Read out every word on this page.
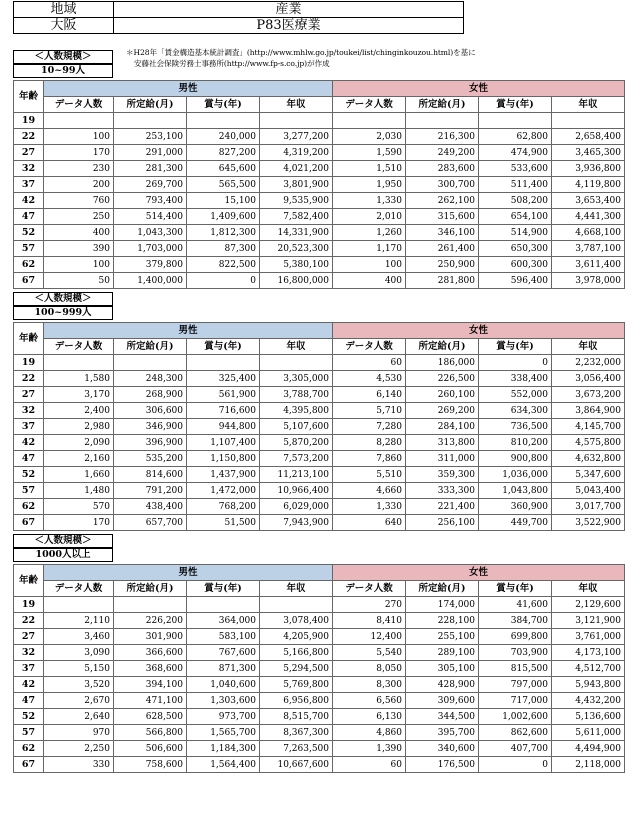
地域	産業
大阪	P83医療業
＊H28年「賃金構造基本統計調査」(http://www.mhlw.go.jp/toukei/list/chinginkouzou.html)を基に
安藤社会保険労務士事務所(http://www.fp-s.co.jp)が作成
＜人数規模＞
10~99人
年齢	男性				女性			
	データ人数	所定給(月)	賞与(年)	年収	データ人数	所定給(月)	賞与(年)	年収
19								
22	100	253,100	240,000	3,277,200	2,030	216,300	62,800	2,658,400
27	170	291,000	827,200	4,319,200	1,590	249,200	474,900	3,465,300
32	230	281,300	645,600	4,021,200	1,510	283,600	533,600	3,936,800
37	200	269,700	565,500	3,801,900	1,950	300,700	511,400	4,119,800
42	760	793,400	15,100	9,535,900	1,330	262,100	508,200	3,653,400
47	250	514,400	1,409,600	7,582,400	2,010	315,600	654,100	4,441,300
52	400	1,043,300	1,812,300	14,331,900	1,260	346,100	514,900	4,668,100
57	390	1,703,000	87,300	20,523,300	1,170	261,400	650,300	3,787,100
62	100	379,800	822,500	5,380,100	100	250,900	600,300	3,611,400
67	50	1,400,000	0	16,800,000	400	281,800	596,400	3,978,000
＜人数規模＞
100~999人
年齢	男性				女性			
	データ人数	所定給(月)	賞与(年)	年収	データ人数	所定給(月)	賞与(年)	年収
19					60	186,000	0	2,232,000
22	1,580	248,300	325,400	3,305,000	4,530	226,500	338,400	3,056,400
27	3,170	268,900	561,900	3,788,700	6,140	260,100	552,000	3,673,200
32	2,400	306,600	716,600	4,395,800	5,710	269,200	634,300	3,864,900
37	2,980	346,900	944,800	5,107,600	7,280	284,100	736,500	4,145,700
42	2,090	396,900	1,107,400	5,870,200	8,280	313,800	810,200	4,575,800
47	2,160	535,200	1,150,800	7,573,200	7,860	311,000	900,800	4,632,800
52	1,660	814,600	1,437,900	11,213,100	5,510	359,300	1,036,000	5,347,600
57	1,480	791,200	1,472,000	10,966,400	4,660	333,300	1,043,800	5,043,400
62	570	438,400	768,200	6,029,000	1,330	221,400	360,900	3,017,700
67	170	657,700	51,500	7,943,900	640	256,100	449,700	3,522,900
＜人数規模＞
1000人以上
年齢	男性				女性			
	データ人数	所定給(月)	賞与(年)	年収	データ人数	所定給(月)	賞与(年)	年収
19					270	174,000	41,600	2,129,600
22	2,110	226,200	364,000	3,078,400	8,410	228,100	384,700	3,121,900
27	3,460	301,900	583,100	4,205,900	12,400	255,100	699,800	3,761,000
32	3,090	366,600	767,600	5,166,800	5,540	289,100	703,900	4,173,100
37	5,150	368,600	871,300	5,294,500	8,050	305,100	815,500	4,512,700
42	3,520	394,100	1,040,600	5,769,800	8,300	428,900	797,000	5,943,800
47	2,670	471,100	1,303,600	6,956,800	6,560	309,600	717,000	4,432,200
52	2,640	628,500	973,700	8,515,700	6,130	344,500	1,002,600	5,136,600
57	970	566,800	1,565,700	8,367,300	4,860	395,700	862,600	5,611,000
62	2,250	506,600	1,184,300	7,263,500	1,390	340,600	407,700	4,494,900
67	330	758,600	1,564,400	10,667,600	60	176,500	0	2,118,000
